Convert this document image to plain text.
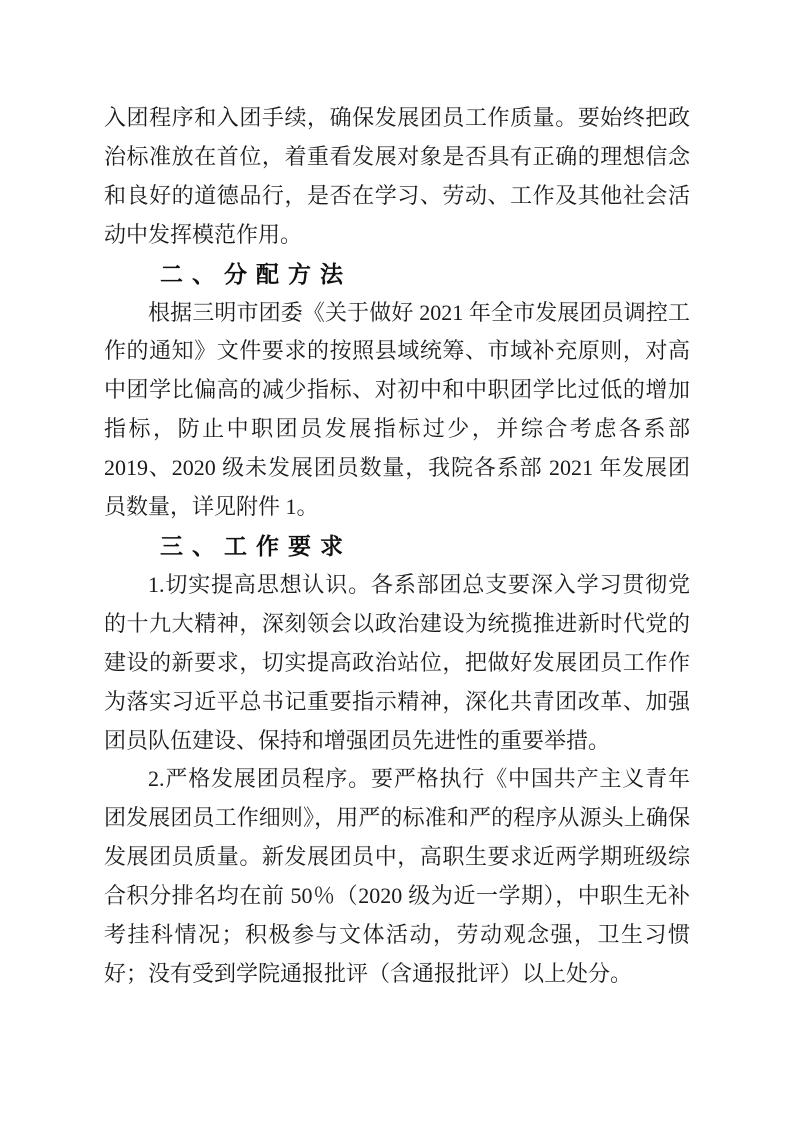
入团程序和入团手续，确保发展团员工作质量。要始终把政治标准放在首位，着重看发展对象是否具有正确的理想信念和良好的道德品行，是否在学习、劳动、工作及其他社会活动中发挥模范作用。

二、分配方法

根据三明市团委《关于做好 2021 年全市发展团员调控工作的通知》文件要求的按照县域统筹、市域补充原则，对高中团学比偏高的减少指标、对初中和中职团学比过低的增加指标，防止中职团员发展指标过少，并综合考虑各系部 2019、2020 级未发展团员数量，我院各系部 2021 年发展团员数量，详见附件 1。

三、工作要求

1.切实提高思想认识。各系部团总支要深入学习贯彻党的十九大精神，深刻领会以政治建设为统揽推进新时代党的建设的新要求，切实提高政治站位，把做好发展团员工作作为落实习近平总书记重要指示精神，深化共青团改革、加强团员队伍建设、保持和增强团员先进性的重要举措。

2.严格发展团员程序。要严格执行《中国共产主义青年团发展团员工作细则》，用严的标准和严的程序从源头上确保发展团员质量。新发展团员中，高职生要求近两学期班级综合积分排名均在前 50％（2020 级为近一学期），中职生无补考挂科情况；积极参与文体活动，劳动观念强，卫生习惯好；没有受到学院通报批评（含通报批评）以上处分。
